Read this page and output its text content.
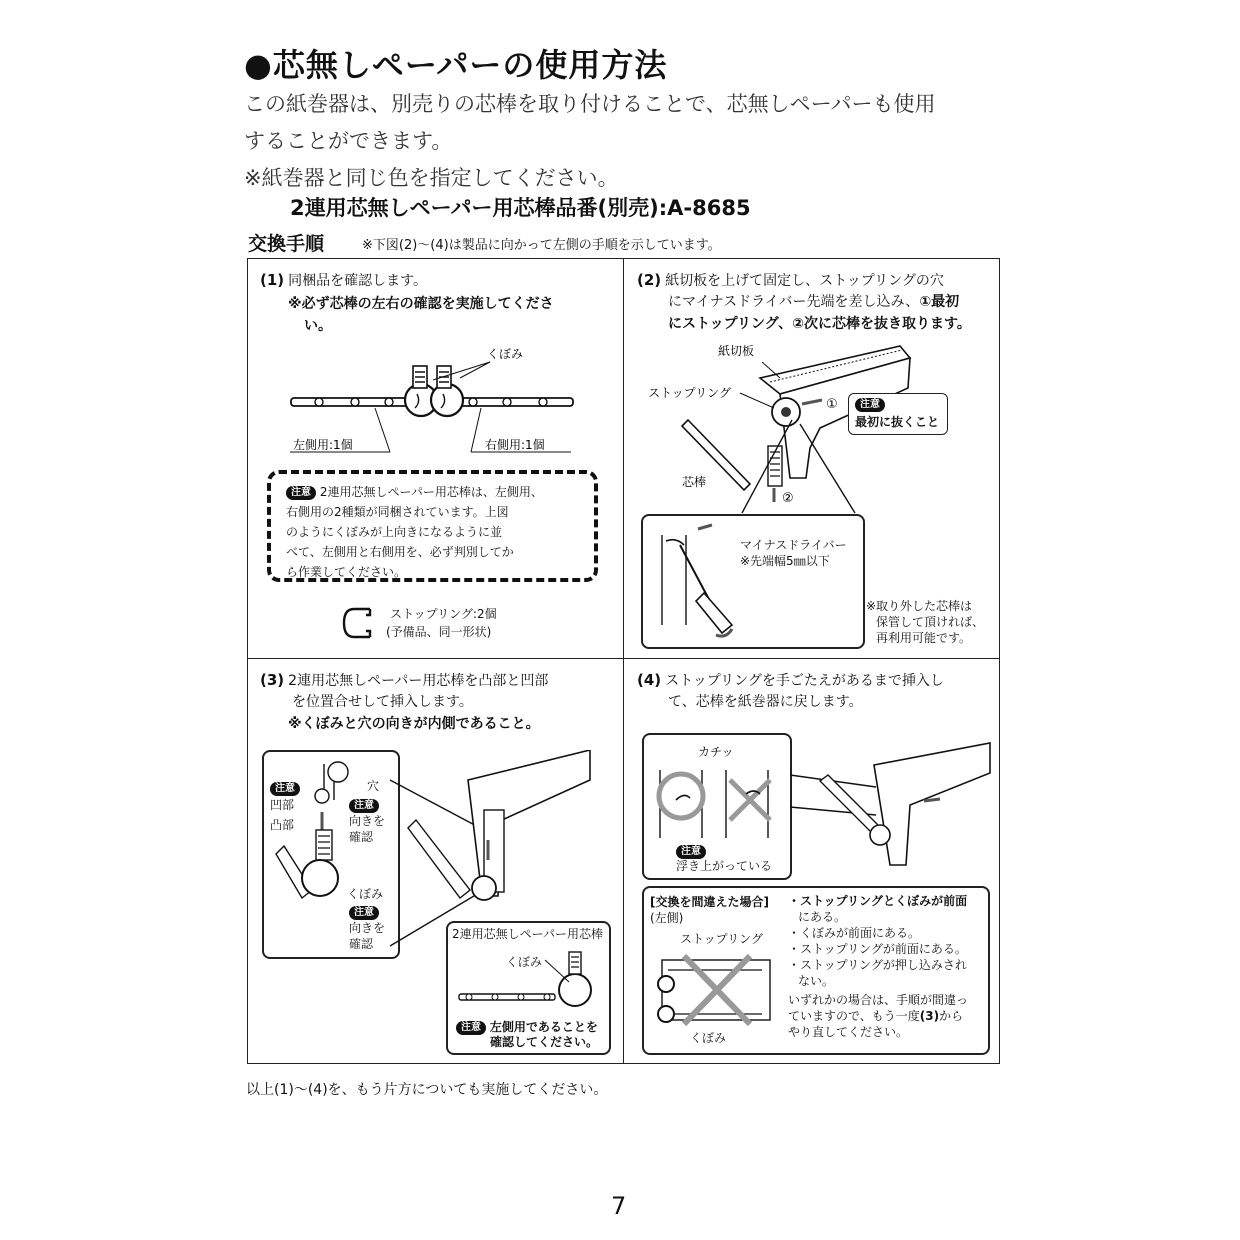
●芯無しペーパーの使用方法
この紙巻器は、別売りの芯棒を取り付けることで、芯無しペーパーも使用
することができます。
※紙巻器と同じ色を指定してください。
2連用芯無しペーパー用芯棒品番(別売):A-8685
交換手順	※下図(2)〜(4)は製品に向かって左側の手順を示しています。
(1) 同梱品を確認します。
※必ず芯棒の左右の確認を実施してくださ
い。
くぼみ
左側用:1個	右側用:1個
注意 2連用芯無しペーパー用芯棒は、左側用、
右側用の2種類が同梱されています。上図
のようにくぼみが上向きになるように並
べて、左側用と右側用を、必ず判別してか
ら作業してください。
ストップリング:2個
(予備品、同一形状)
(2) 紙切板を上げて固定し、ストップリングの穴
にマイナスドライバー先端を差し込み、①最初
にストップリング、②次に芯棒を抜き取ります。
紙切板
ストップリング
①
②
芯棒
注意
最初に抜くこと
マイナスドライバー
※先端幅5㎜以下
※取り外した芯棒は
保管して頂ければ、
再利用可能です。
(3) 2連用芯無しペーパー用芯棒を凸部と凹部
を位置合せして挿入します。
※くぼみと穴の向きが内側であること。
注意
凹部
凸部
穴
注意
向きを
確認
くぼみ
注意
向きを
確認
2連用芯無しペーパー用芯棒
くぼみ
注意 左側用であることを
確認してください。
(4) ストップリングを手ごたえがあるまで挿入し
て、芯棒を紙巻器に戻します。
カチッ
注意
浮き上がっている
[交換を間違えた場合]
(左側)
ストップリング
くぼみ
・ストップリングとくぼみが前面
にある。
・くぼみが前面にある。
・ストップリングが前面にある。
・ストップリングが押し込みされ
ない。
いずれかの場合は、手順が間違っ
ていますので、もう一度(3)から
やり直してください。
以上(1)〜(4)を、もう片方についても実施してください。
7
